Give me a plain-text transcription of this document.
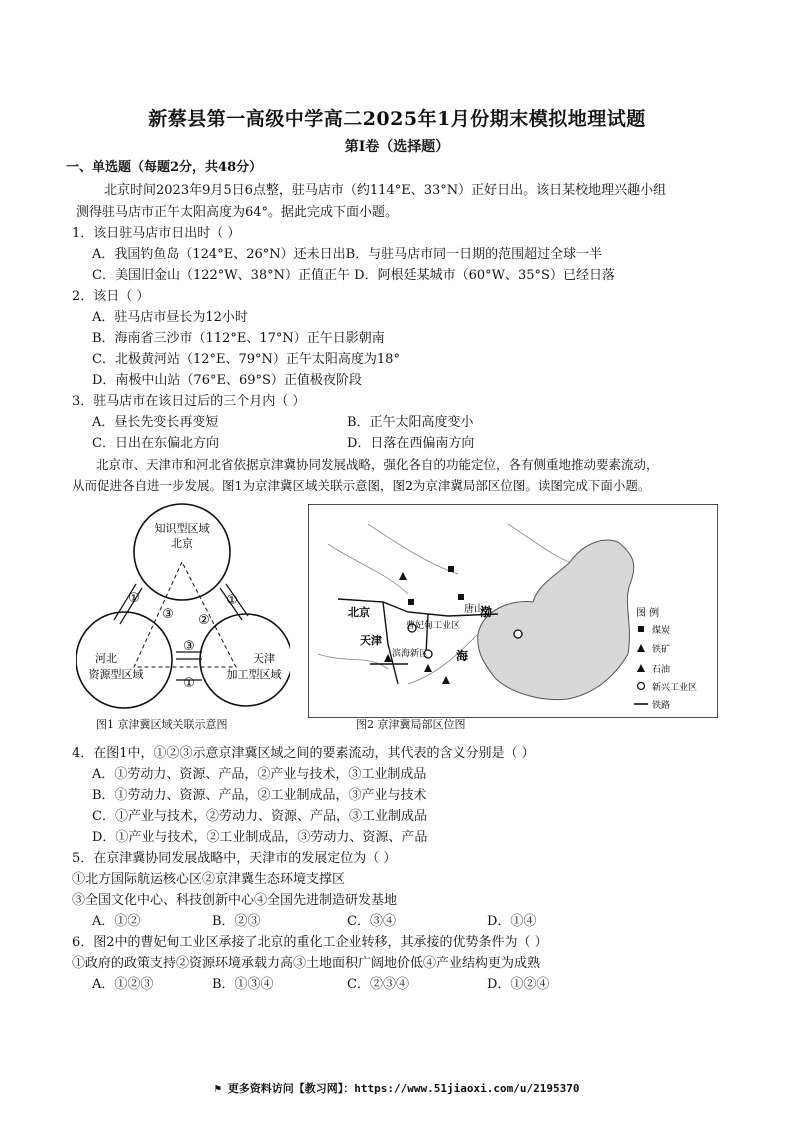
新蔡县第一高级中学高二2025年1月份期末模拟地理试题
第Ⅰ卷（选择题）
一、单选题（每题2分，共48分）
北京时间2023年9月5日6点整，驻马店市（约114°E、33°N）正好日出。该日某校地理兴趣小组
测得驻马店市正午太阳高度为64°。据此完成下面小题。
1．该日驻马店市日出时（ ）
A．我国钓鱼岛（124°E、26°N）还未日出B．与驻马店市同一日期的范围超过全球一半
C．美国旧金山（122°W、38°N）正值正午 D．阿根廷某城市（60°W、35°S）已经日落
2．该日（ ）
A．驻马店市昼长为12小时
B．海南省三沙市（112°E、17°N）正午日影朝南
C．北极黄河站（12°E、79°N）正午太阳高度为18°
D．南极中山站（76°E、69°S）正值极夜阶段
3．驻马店市在该日过后的三个月内（ ）
A．昼长先变长再变短	B．正午太阳高度变小
C．日出在东偏北方向	D．日落在西偏南方向
北京市、天津市和河北省依据京津冀协同发展战略，强化各自的功能定位，各有侧重地推动要素流动，
从而促进各自进一步发展。图1为京津冀区域关联示意图，图2为京津冀局部区位图。读图完成下面小题。
知识型区域
北京
河北
资源型区域
天津
加工型区域
①
③ ②
①
③
①
图1 京津冀区域关联示意图
北京	唐山
天津
曹妃甸工业区
滨海新区
渤
海
图 例
煤炭
铁矿
石油
新兴工业区
铁路
图2 京津冀局部区位图
4．在图1中，①②③示意京津冀区域之间的要素流动，其代表的含义分别是（ ）
A．①劳动力、资源、产品，②产业与技术，③工业制成品
B．①劳动力、资源、产品，②工业制成品，③产业与技术
C．①产业与技术，②劳动力、资源、产品，③工业制成品
D．①产业与技术，②工业制成品，③劳动力、资源、产品
5．在京津冀协同发展战略中，天津市的发展定位为（ ）
①北方国际航运核心区②京津冀生态环境支撑区
③全国文化中心、科技创新中心④全国先进制造研发基地
A．①②	B．②③	C．③④	D．①④
6．图2中的曹妃甸工业区承接了北京的重化工企业转移，其承接的优势条件为（ ）
①政府的政策支持②资源环境承载力高③土地面积广阔地价低④产业结构更为成熟
A．①②③	B．①③④	C．②③④	D．①②④
⚑ 更多资料访问【教习网】：https://www.51jiaoxi.com/u/2195370
